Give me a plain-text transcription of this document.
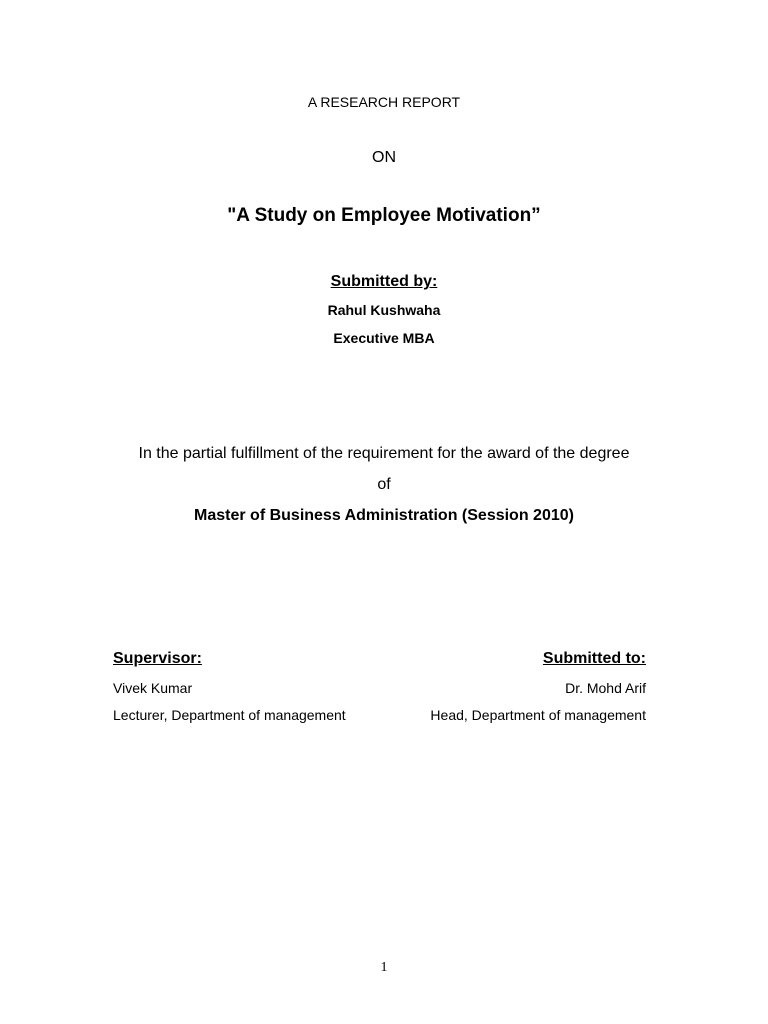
A RESEARCH REPORT
ON
"A Study on Employee Motivation”
Submitted by:
Rahul Kushwaha
Executive MBA
In the partial fulfillment of the requirement for the award of the degree
of
Master of Business Administration (Session 2010)
Supervisor:
Vivek Kumar
Lecturer, Department of management
Submitted to:
Dr. Mohd Arif
Head, Department of management
1
